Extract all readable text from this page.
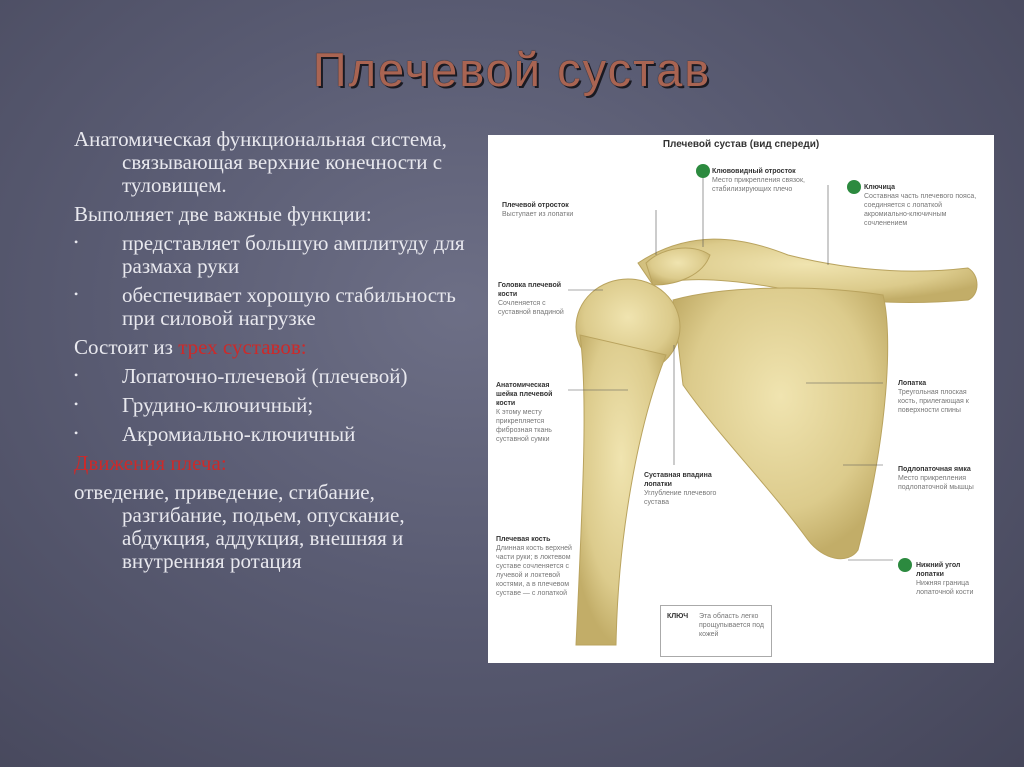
Плечевой сустав

Анатомическая функциональная система, связывающая верхние конечности с туловищем.

Выполняет две важные функции:

• представляет большую амплитуду для размаха руки
• обеспечивает хорошую стабильность при силовой нагрузке

Состоит из трех суставов:

• Лопаточно-плечевой (плечевой)
• Грудино-ключичный;
• Акромиально-ключичный

Движения плеча:

отведение, приведение, сгибание, разгибание, подьем, опускание, абдукция, аддукция, внешняя и внутренняя ротация

Плечевой сустав (вид спереди)
Клювовидный отросток
Место прикрепления связок, стабилизирующих плечо	Ключица
Составная часть плечевого пояса, соединяется с лопаткой акромиально-ключичным сочленением
Плечевой отросток
Выступает из лопатки
Головка плечевой кости
Сочленяется с суставной впадиной
Анатомическая шейка плечевой кости
К этому месту прикрепляется фиброзная ткань суставной сумки
Лопатка
Треугольная плоская кость, прилегающая к поверхности спины
Суставная впадина лопатки
Углубление плечевого сустава
Подлопаточная ямка
Место прикрепления подлопаточной мышцы
Плечевая кость
Длинная кость верхней части руки; в локтевом суставе сочленяется с лучевой и локтевой костями, а в плечевом суставе — с лопаткой
Нижний угол лопатки
Нижняя граница лопаточной кости
КЛЮЧ	Эта область легко прощупывается под кожей
